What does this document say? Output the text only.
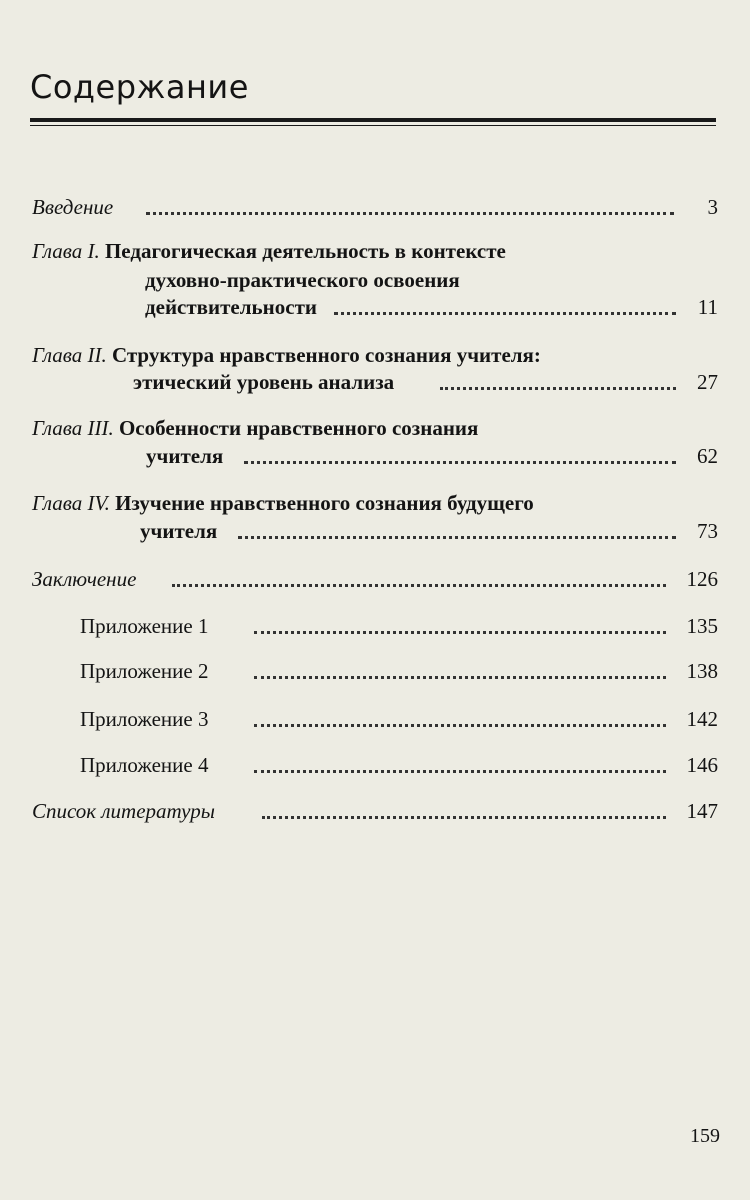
Содержание
Введение	3
Глава I. Педагогическая деятельность в контексте
духовно-практического освоения
действительности	11
Глава II. Структура нравственного сознания учителя:
этический уровень анализа	27
Глава III. Особенности нравственного сознания
учителя	62
Глава IV. Изучение нравственного сознания будущего
учителя	73
Заключение	126
Приложение 1	135
Приложение 2	138
Приложение 3	142
Приложение 4	146
Список литературы	147
159
